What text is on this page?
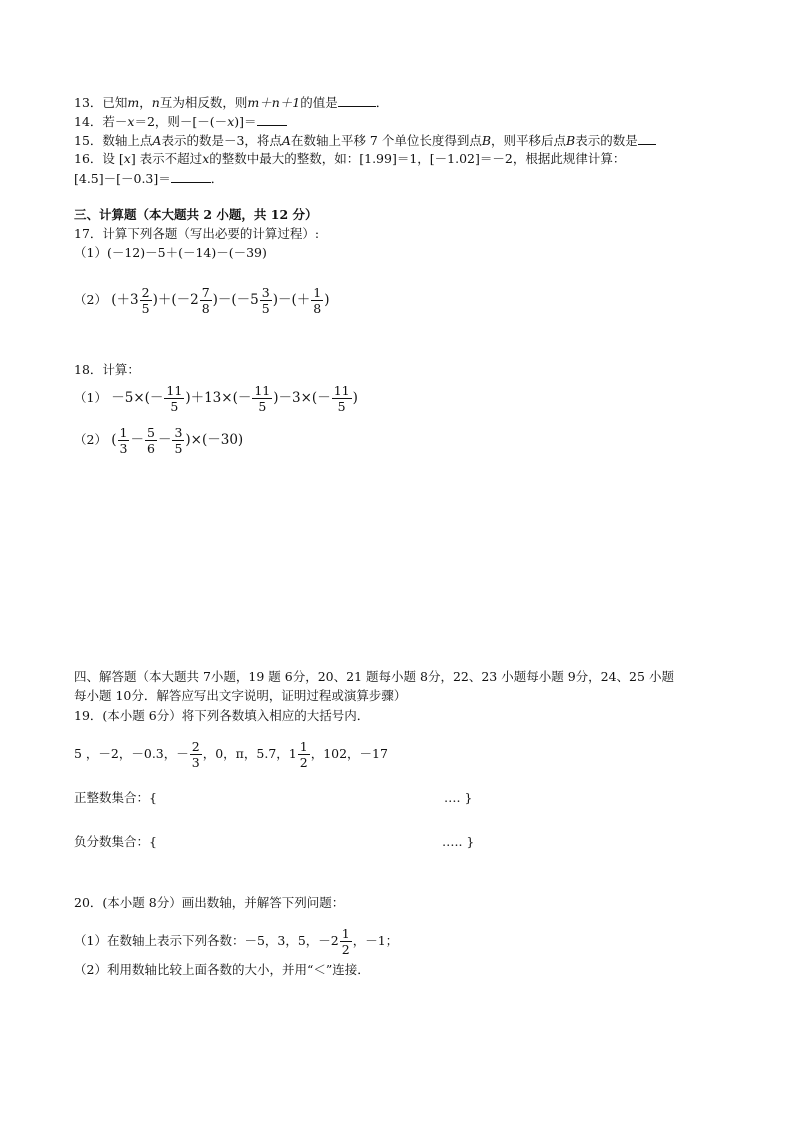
13．已知m，n互为相反数，则m＋n＋1的值是	．
14．若－x＝2，则－[－(－x)]＝
15．数轴上点A表示的数是－3，将点A在数轴上平移 7 个单位长度得到点B，则平移后点B表示的数是
16．设 [x] 表示不超过x的整数中最大的整数，如：[1.99]＝1，[－1.02]＝－2，根据此规律计算：
[4.5]－[－0.3]＝	．
三、计算题（本大题共 2 小题，共 12 分）
17．计算下列各题（写出必要的计算过程）:
（1）(－12)－5＋(－14)－(－39)
（2） $(+3 \frac{2}{5} )+(-2 \frac{7}{8} )-(-5 \frac{3}{5}$ )－(＋ $\frac{1}{8}$ )
18．计算：
$(1) -5\times(- \frac{11}{5} )+13\times(- \frac{11}{5} )-3\times(- \frac{11}{5}$ )
（2） ( $\frac{1}{3} - \frac{5}{6} - \frac{3}{5} )\times(-30)$
四、解答题（本大题共 7小题，19 题 6分，20、21 题每小题 8分，22、23 小题每小题 9分，24、25 小题
每小题 10分．解答应写出文字说明，证明过程或演算步骤）
19．(本小题 6分）将下列各数填入相应的大括号内．
5 ，－2，－0.3，－ $\frac{2}{3}$ ，0，π，5.7，$1 \frac{1}{2}$ ，102，－17
正整数集合：{	…. }
负分数集合：{	….. }
20．(本小题 8分）画出数轴，并解答下列问题：
（1）在数轴上表示下列各数：－5，3，5，$-2 \frac{1}{2}$ ，－1；
（2）利用数轴比较上面各数的大小，并用“＜”连接．
